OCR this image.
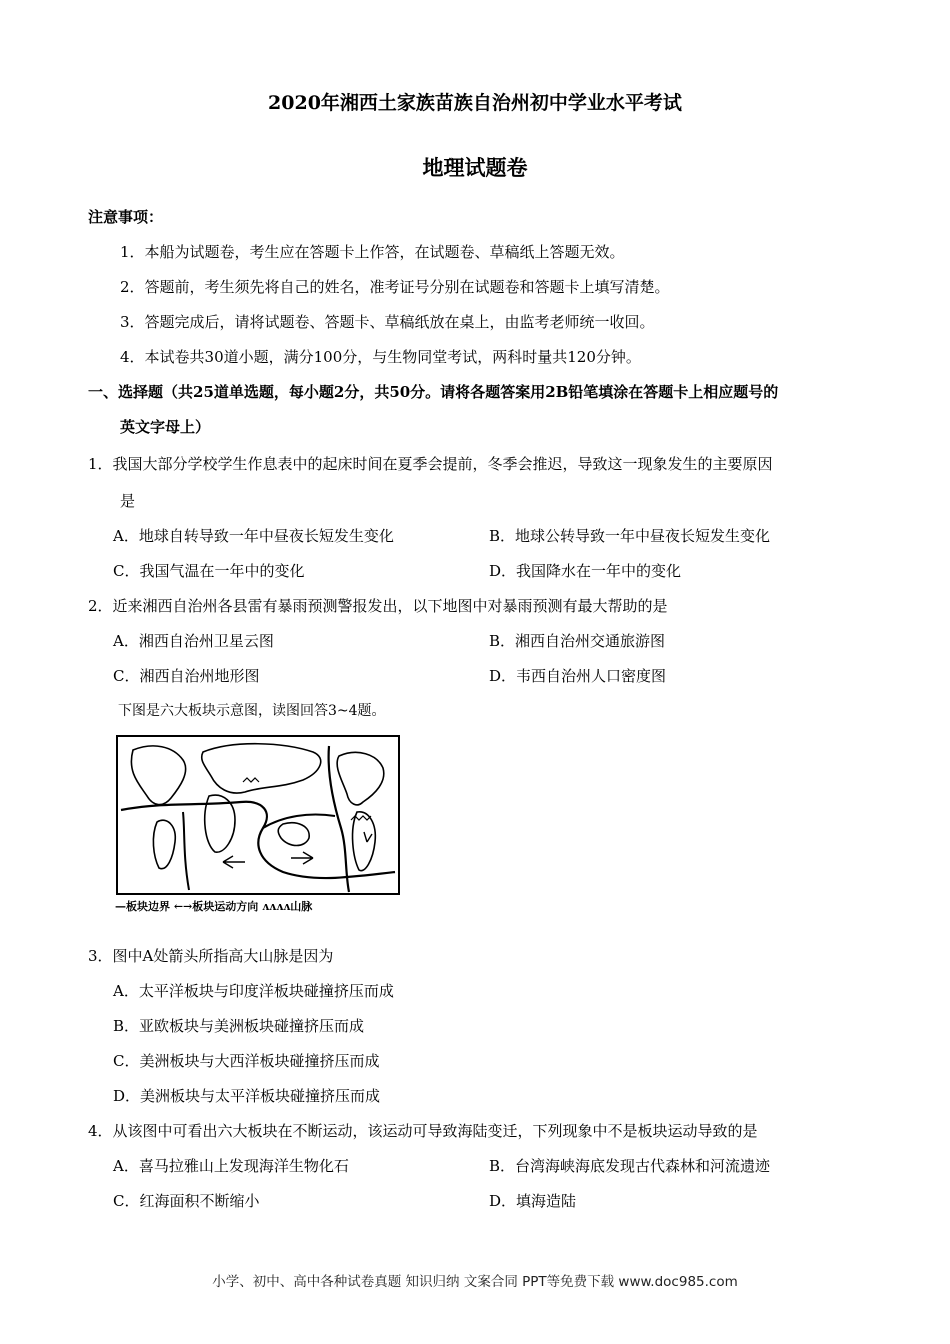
2020年湘西土家族苗族自治州初中学业水平考试
地理试题卷
注意事项：
1．本船为试题卷，考生应在答题卡上作答，在试题卷、草稿纸上答题无效。
2．答题前，考生须先将自己的姓名，准考证号分别在试题卷和答题卡上填写清楚。
3．答题完成后，请将试题卷、答题卡、草稿纸放在桌上，由监考老师统一收回。
4．本试卷共30道小题，满分100分，与生物同堂考试，两科时量共120分钟。
一、选择题（共25道单选题，每小题2分，共50分。请将各题答案用2B铅笔填涂在答题卡上相应题号的
英文字母上）
1．我国大部分学校学生作息表中的起床时间在夏季会提前，冬季会推迟，导致这一现象发生的主要原因
是
A．地球自转导致一年中昼夜长短发生变化	B．地球公转导致一年中昼夜长短发生变化
C．我国气温在一年中的变化	D．我国降水在一年中的变化
2．近来湘西自治州各县雷有暴雨预测警报发出，以下地图中对暴雨预测有最大帮助的是
A．湘西自治州卫星云图	B．湘西自治州交通旅游图
C．湘西自治州地形图	D．韦西自治州人口密度图
下图是六大板块示意图，读图回答3~4题。
—板块边界 ←→板块运动方向 ᴧᴧᴧᴧ山脉
3．图中A处箭头所指高大山脉是因为
A．太平洋板块与印度洋板块碰撞挤压而成
B．亚欧板块与美洲板块碰撞挤压而成
C．美洲板块与大西洋板块碰撞挤压而成
D．美洲板块与太平洋板块碰撞挤压而成
4．从该图中可看出六大板块在不断运动，该运动可导致海陆变迁，下列现象中不是板块运动导致的是
A．喜马拉雅山上发现海洋生物化石	B．台湾海峡海底发现古代森林和河流遗迹
C．红海面积不断缩小	D．填海造陆
小学、初中、高中各种试卷真题 知识归纳 文案合同 PPT等免费下载 www.doc985.com
